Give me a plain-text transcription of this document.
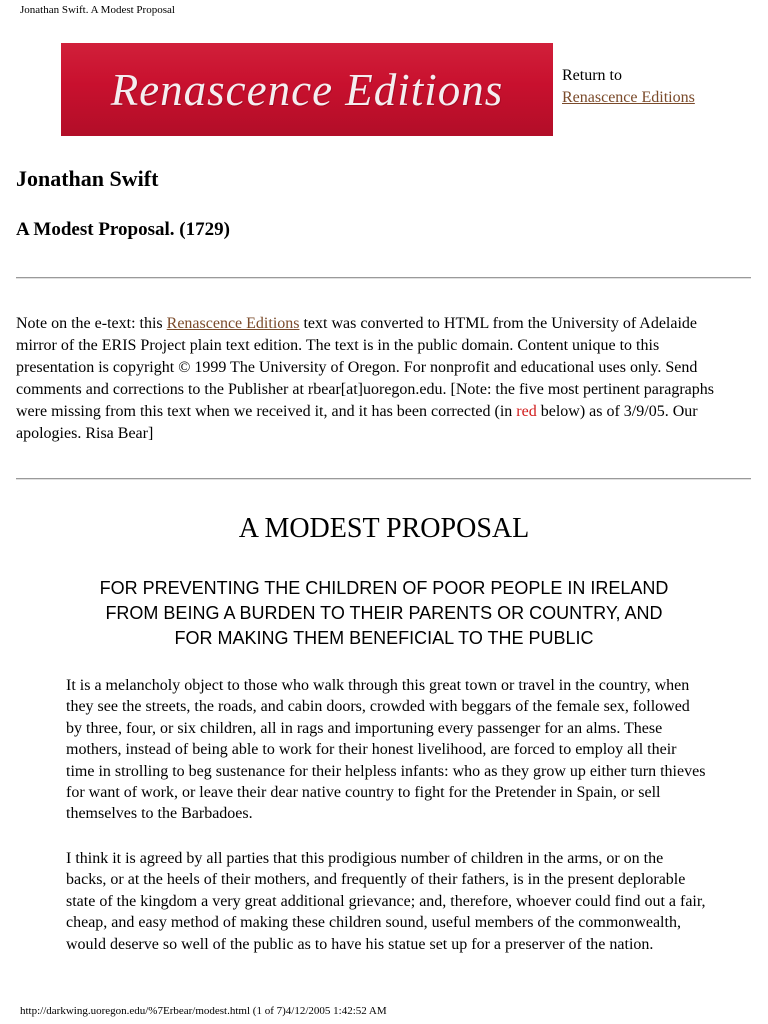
Jonathan Swift. A Modest Proposal
Renascence Editions	Return to
Renascence Editions
Jonathan Swift
A Modest Proposal. (1729)

Note on the e-text: this Renascence Editions text was converted to HTML from the University of Adelaide mirror of the ERIS Project plain text edition. The text is in the public domain. Content unique to this presentation is copyright © 1999 The University of Oregon. For nonprofit and educational uses only. Send comments and corrections to the Publisher at rbear[at]uoregon.edu. [Note: the five most pertinent paragraphs were missing from this text when we received it, and it has been corrected (in red below) as of 3/9/05. Our apologies. Risa Bear]

A MODEST PROPOSAL
FOR PREVENTING THE CHILDREN OF POOR PEOPLE IN IRELAND
FROM BEING A BURDEN TO THEIR PARENTS OR COUNTRY, AND
FOR MAKING THEM BENEFICIAL TO THE PUBLIC

It is a melancholy object to those who walk through this great town or travel in the country, when they see the streets, the roads, and cabin doors, crowded with beggars of the female sex, followed by three, four, or six children, all in rags and importuning every passenger for an alms. These mothers, instead of being able to work for their honest livelihood, are forced to employ all their time in strolling to beg sustenance for their helpless infants: who as they grow up either turn thieves for want of work, or leave their dear native country to fight for the Pretender in Spain, or sell themselves to the Barbadoes.

I think it is agreed by all parties that this prodigious number of children in the arms, or on the backs, or at the heels of their mothers, and frequently of their fathers, is in the present deplorable state of the kingdom a very great additional grievance; and, therefore, whoever could find out a fair, cheap, and easy method of making these children sound, useful members of the commonwealth, would deserve so well of the public as to have his statue set up for a preserver of the nation.

http://darkwing.uoregon.edu/%7Erbear/modest.html (1 of 7)4/12/2005 1:42:52 AM
